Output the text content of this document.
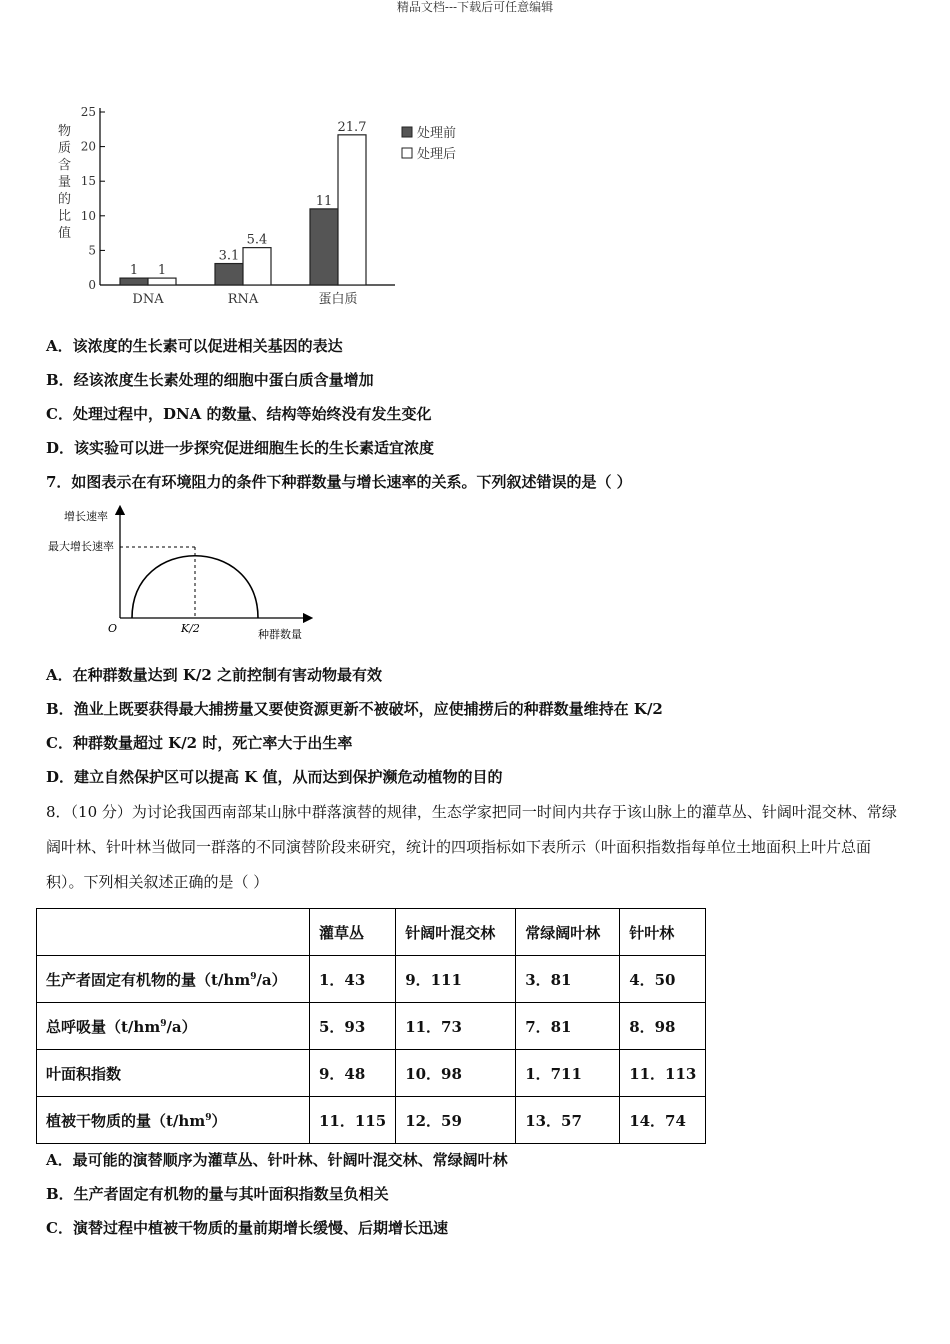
精品文档---下载后可任意编辑
物
质
含
量
的
比
值
0
5
10
15
20
25
1 1
DNA
3.1
5.4
RNA
11
21.7
蛋白质
处理前
处理后
A．该浓度的生长素可以促进相关基因的表达
B．经该浓度生长素处理的细胞中蛋白质含量增加
C．处理过程中，DNA 的数量、结构等始终没有发生变化
D．该实验可以进一步探究促进细胞生长的生长素适宜浓度
7．如图表示在有环境阻力的条件下种群数量与增长速率的关系。下列叙述错误的是（ ）
增长速率
最大增长速率
O	K/2	种群数量
A．在种群数量达到 K/2 之前控制有害动物最有效
B．渔业上既要获得最大捕捞量又要使资源更新不被破坏，应使捕捞后的种群数量维持在 K/2
C．种群数量超过 K/2 时，死亡率大于出生率
D．建立自然保护区可以提高 K 值，从而达到保护濒危动植物的目的
8．（10 分）为讨论我国西南部某山脉中群落演替的规律，生态学家把同一时间内共存于该山脉上的灌草丛、针阔叶混交林、常绿阔叶林、针叶林当做同一群落的不同演替阶段来研究，统计的四项指标如下表所示（叶面积指数指每单位土地面积上叶片总面积）。下列相关叙述正确的是（ ）
	灌草丛	针阔叶混交林	常绿阔叶林	针叶林
生产者固定有机物的量$(t/hm^9/a)$	1．43	9．111	3．81	4．50
总呼吸量$(t/hm^9/a)$	5．93	11．73	7．81	8．98
叶面积指数	9．48	10．98	1．711	11．113
植被干物质的量$(t/hm^9)$	11．115	12．59	13．57	14．74
A．最可能的演替顺序为灌草丛、针叶林、针阔叶混交林、常绿阔叶林
B．生产者固定有机物的量与其叶面积指数呈负相关
C．演替过程中植被干物质的量前期增长缓慢、后期增长迅速
